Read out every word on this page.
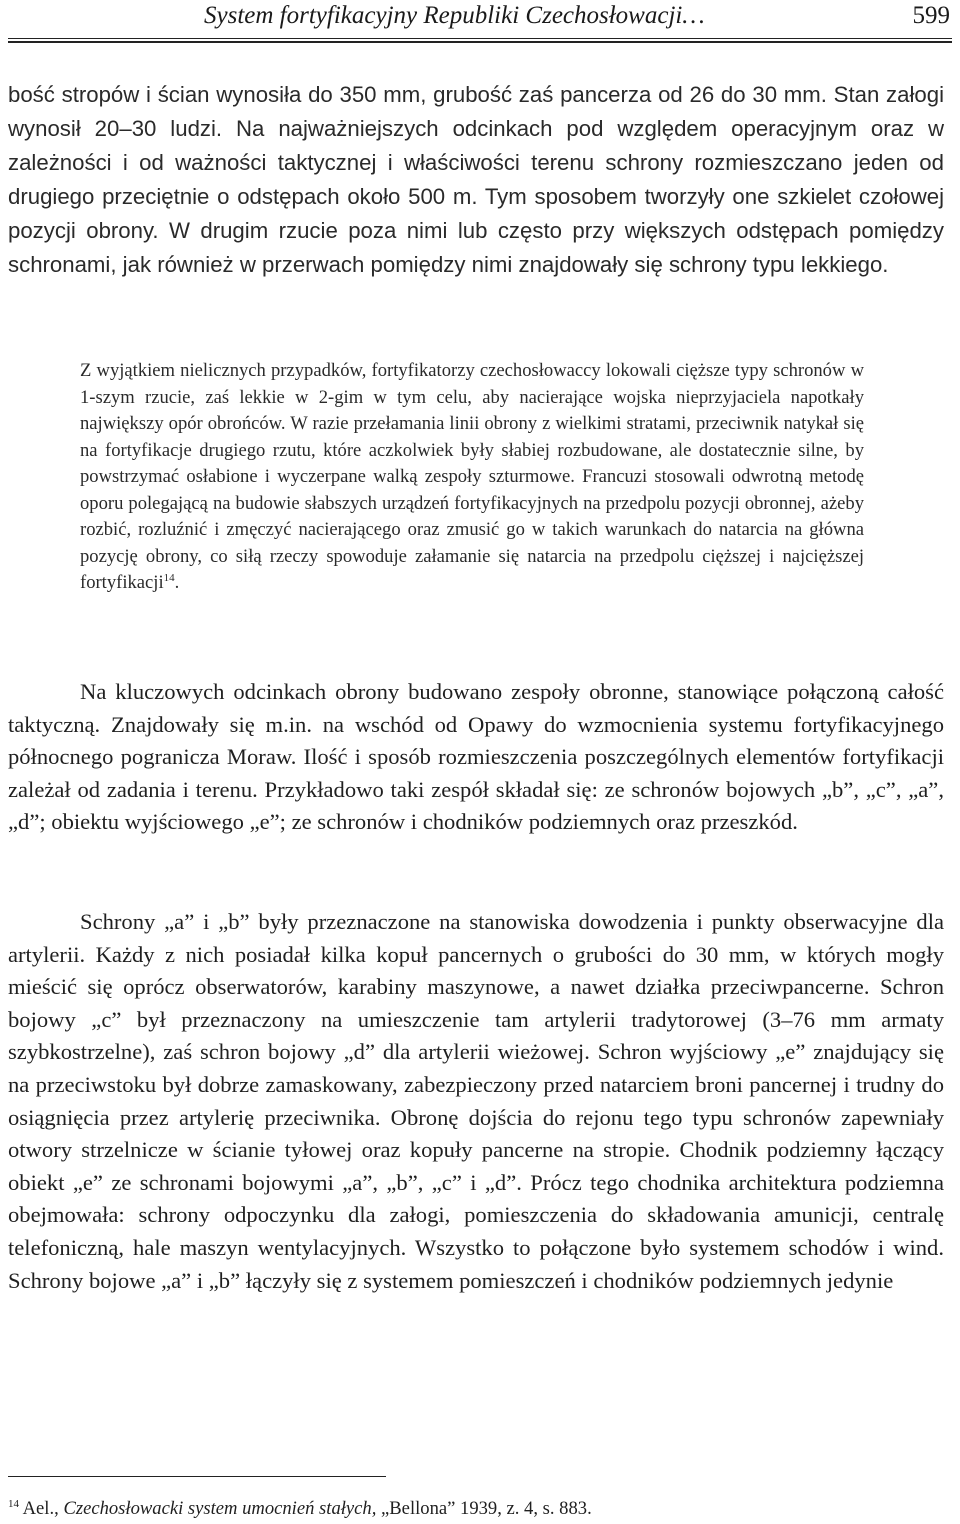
System fortyfikacyjny Republiki Czechosłowacji…	599

bość stropów i ścian wynosiła do 350 mm, grubość zaś pancerza od 26 do 30 mm. Stan załogi wynosił 20–30 ludzi. Na najważniejszych odcinkach pod względem operacyjnym oraz w zależności i od ważności taktycznej i właściwości terenu schrony rozmieszczano jeden od drugiego przeciętnie o odstępach około 500 m. Tym sposobem tworzyły one szkielet czołowej pozycji obrony. W drugim rzucie poza nimi lub często przy większych odstępach pomiędzy schronami, jak również w przerwach pomiędzy nimi znajdowały się schrony typu lekkiego.

Z wyjątkiem nielicznych przypadków, fortyfikatorzy czechosłowaccy lokowali cięższe typy schronów w 1-szym rzucie, zaś lekkie w 2-gim w tym celu, aby nacierające wojska nieprzyjaciela napotkały największy opór obrońców. W razie przełamania linii obrony z wielkimi stratami, przeciwnik natykał się na fortyfikacje drugiego rzutu, które aczkolwiek były słabiej rozbudowane, ale dostatecznie silne, by powstrzymać osłabione i wyczerpane walką zespoły szturmowe. Francuzi stosowali odwrotną metodę oporu polegającą na budowie słabszych urządzeń fortyfikacyjnych na przedpolu pozycji obronnej, ażeby rozbić, rozluźnić i zmęczyć nacierającego oraz zmusić go w takich warunkach do natarcia na główna pozycję obrony, co siłą rzeczy spowoduje załamanie się natarcia na przedpolu cięższej i najcięższej fortyfikacji$^{14}$.

Na kluczowych odcinkach obrony budowano zespoły obronne, stanowiące połączoną całość taktyczną. Znajdowały się m.in. na wschód od Opawy do wzmocnienia systemu fortyfikacyjnego północnego pogranicza Moraw. Ilość i sposób rozmieszczenia poszczególnych elementów fortyfikacji zależał od zadania i terenu. Przykładowo taki zespół składał się: ze schronów bojowych „b”, „c”, „a”, „d”; obiektu wyjściowego „e”; ze schronów i chodników podziemnych oraz przeszkód.

Schrony „a” i „b” były przeznaczone na stanowiska dowodzenia i punkty obserwacyjne dla artylerii. Każdy z nich posiadał kilka kopuł pancernych o grubości do 30 mm, w których mogły mieścić się oprócz obserwatorów, karabiny maszynowe, a nawet działka przeciwpancerne. Schron bojowy „c” był przeznaczony na umieszczenie tam artylerii tradytorowej (3–76 mm armaty szybkostrzelne), zaś schron bojowy „d” dla artylerii wieżowej. Schron wyjściowy „e” znajdujący się na przeciwstoku był dobrze zamaskowany, zabezpieczony przed natarciem broni pancernej i trudny do osiągnięcia przez artylerię przeciwnika. Obronę dojścia do rejonu tego typu schronów zapewniały otwory strzelnicze w ścianie tyłowej oraz kopuły pancerne na stropie. Chodnik podziemny łączący obiekt „e” ze schronami bojowymi „a”, „b”, „c” i „d”. Prócz tego chodnika architektura podziemna obejmowała: schrony odpoczynku dla załogi, pomieszczenia do składowania amunicji, centralę telefoniczną, hale maszyn wentylacyjnych. Wszystko to połączone było systemem schodów i wind. Schrony bojowe „a” i „b” łączyły się z systemem pomieszczeń i chodników podziemnych jedynie

$^{14}$ Ael., Czechosłowacki system umocnień stałych, „Bellona” 1939, z. 4, s. 883.
